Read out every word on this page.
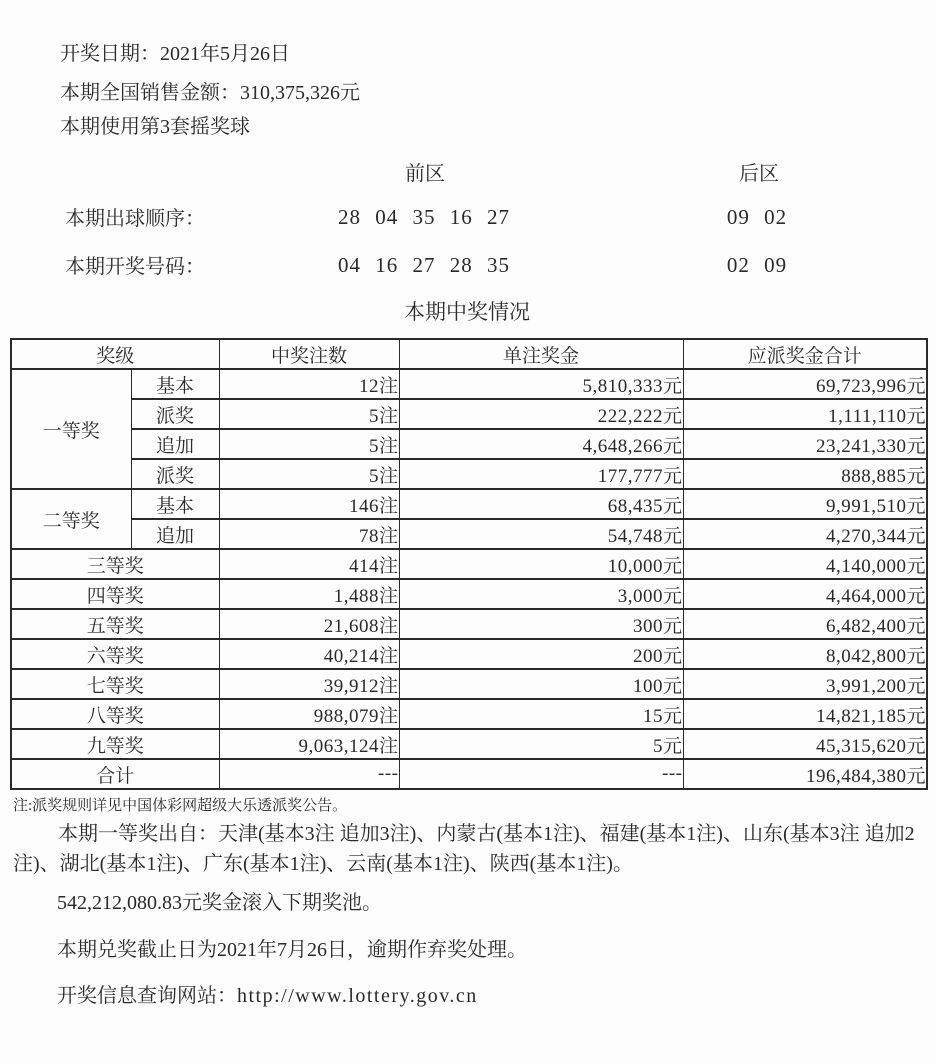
开奖日期：2021年5月26日
本期全国销售金额：310,375,326元
本期使用第3套摇奖球
前区	后区
本期出球顺序：	28 04 35 16 27	09 02
本期开奖号码：	04 16 27 28 35	02 09
本期中奖情况
奖级		中奖注数	单注奖金	应派奖金合计
一等奖	基本	12注	5,810,333元	69,723,996元
	派奖	5注	222,222元	1,111,110元
	追加	5注	4,648,266元	23,241,330元
	派奖	5注	177,777元	888,885元
二等奖	基本	146注	68,435元	9,991,510元
	追加	78注	54,748元	4,270,344元
三等奖		414注	10,000元	4,140,000元
四等奖		1,488注	3,000元	4,464,000元
五等奖		21,608注	300元	6,482,400元
六等奖		40,214注	200元	8,042,800元
七等奖		39,912注	100元	3,991,200元
八等奖		988,079注	15元	14,821,185元
九等奖		9,063,124注	5元	45,315,620元
合计		---	---	196,484,380元
注:派奖规则详见中国体彩网超级大乐透派奖公告。
本期一等奖出自：天津(基本3注 追加3注)、内蒙古(基本1注)、福建(基本1注)、山东(基本3注 追加2注)、湖北(基本1注)、广东(基本1注)、云南(基本1注)、陕西(基本1注)。
542,212,080.83元奖金滚入下期奖池。
本期兑奖截止日为2021年7月26日，逾期作弃奖处理。
开奖信息查询网站：http://www.lottery.gov.cn
